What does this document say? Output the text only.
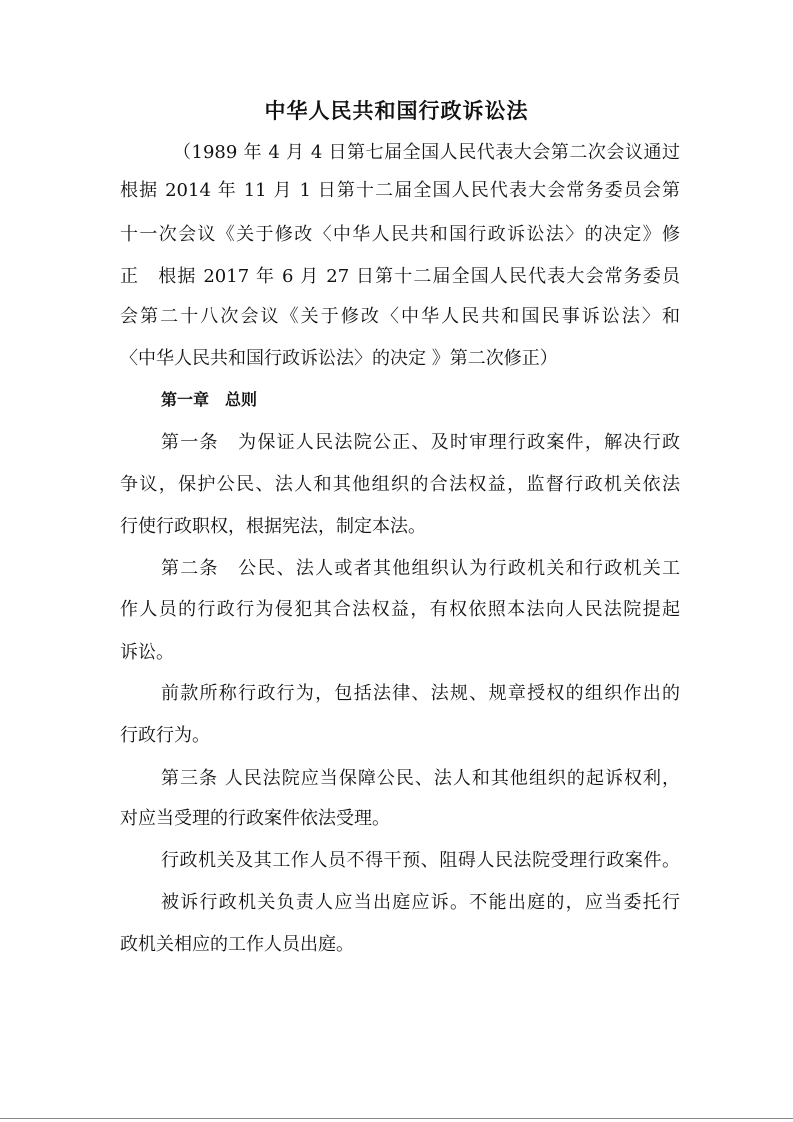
中华人民共和国行政诉讼法
（1989 年 4 月 4 日第七届全国人民代表大会第二次会议通过
根据 2014 年 11 月 1 日第十二届全国人民代表大会常务委员会第
十一次会议《关于修改〈中华人民共和国行政诉讼法〉的决定》修
正　根据 2017 年 6 月 27 日第十二届全国人民代表大会常务委员
会第二十八次会议《关于修改〈中华人民共和国民事诉讼法〉和
〈中华人民共和国行政诉讼法〉的决定 》第二次修正）
第一章　总则
第一条　为保证人民法院公正、及时审理行政案件，解决行政
争议，保护公民、法人和其他组织的合法权益，监督行政机关依法
行使行政职权，根据宪法，制定本法。
第二条　公民、法人或者其他组织认为行政机关和行政机关工
作人员的行政行为侵犯其合法权益，有权依照本法向人民法院提起
诉讼。
前款所称行政行为，包括法律、法规、规章授权的组织作出的
行政行为。
第三条 人民法院应当保障公民、法人和其他组织的起诉权利，
对应当受理的行政案件依法受理。
行政机关及其工作人员不得干预、阻碍人民法院受理行政案件。
被诉行政机关负责人应当出庭应诉。不能出庭的，应当委托行
政机关相应的工作人员出庭。
